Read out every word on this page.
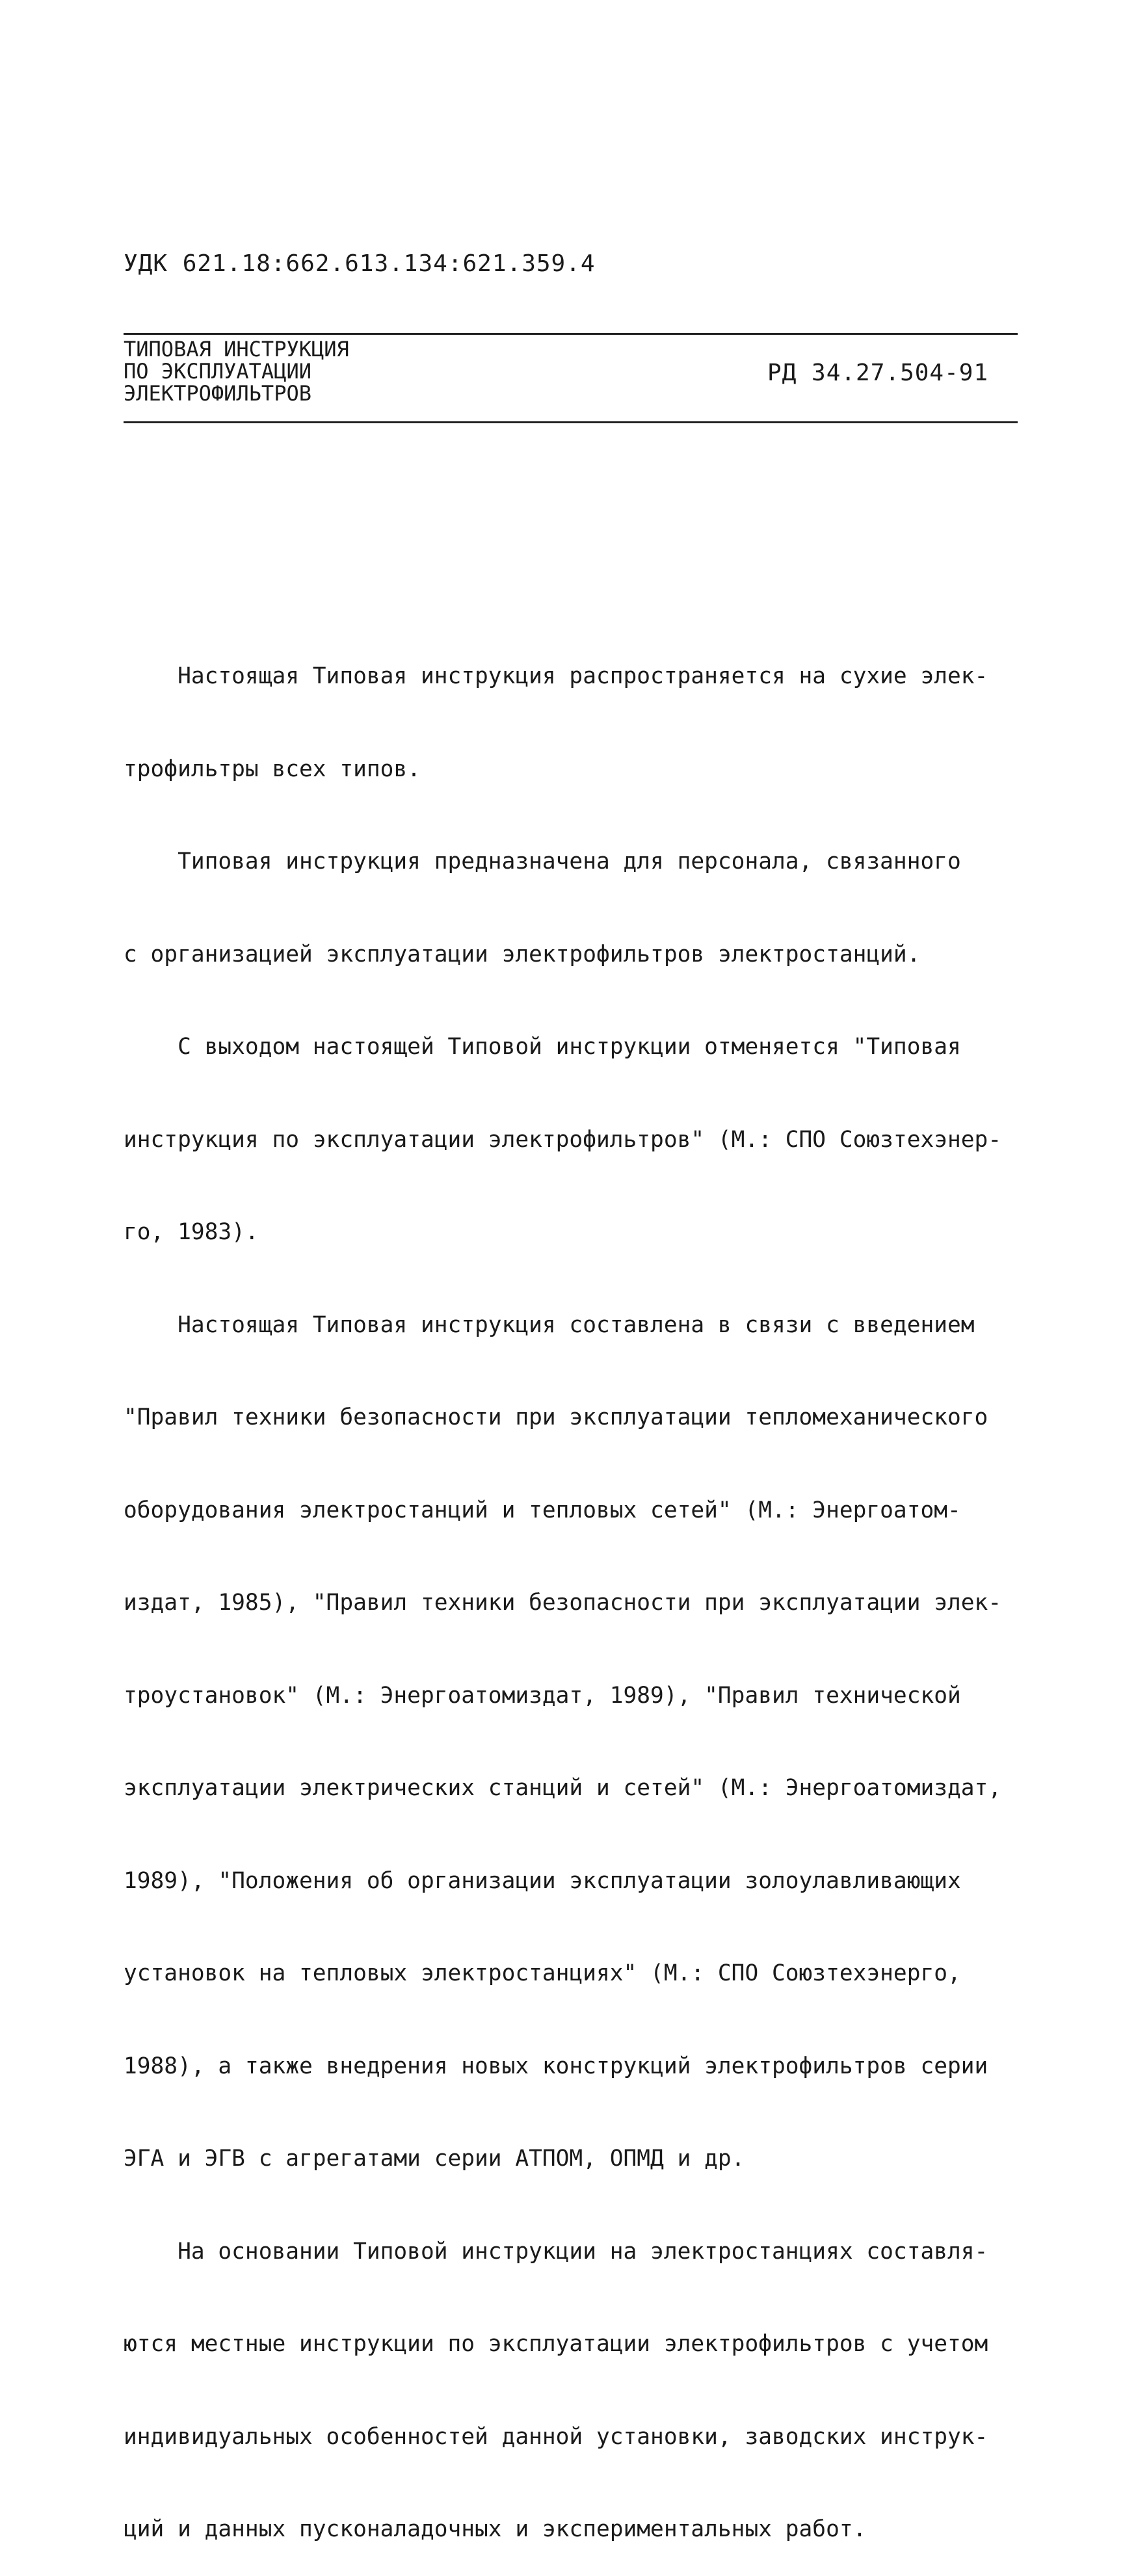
УДК 621.18:662.613.134:621.359.4
ТИПОВАЯ ИНСТРУКЦИЯ
ПО ЭКСПЛУАТАЦИИ
ЭЛЕКТРОФИЛЬТРОВ
РД 34.27.504-91

Настоящая Типовая инструкция распространяется на сухие элек-

трофильтры всех типов.

Типовая инструкция предназначена для персонала, связанного

с организацией эксплуатации электрофильтров электростанций.

С выходом настоящей Типовой инструкции отменяется "Типовая

инструкция по эксплуатации электрофильтров" (М.: СПО Союзтехэнер-

го, 1983).

Настоящая Типовая инструкция составлена в связи с введением

"Правил техники безопасности при эксплуатации тепломеханического

оборудования электростанций и тепловых сетей" (М.: Энергоатом-

издат, 1985), "Правил техники безопасности при эксплуатации элек-

троустановок" (М.: Энергоатомиздат, 1989), "Правил технической

эксплуатации электрических станций и сетей" (М.: Энергоатомиздат,

1989), "Положения об организации эксплуатации золоулавливающих

установок на тепловых электростанциях" (М.: СПО Союзтехэнерго,

1988), а также внедрения новых конструкций электрофильтров серии

ЭГА и ЭГВ с агрегатами серии АТПОМ, ОПМД и др.

На основании Типовой инструкции на электростанциях составля-

ются местные инструкции по эксплуатации электрофильтров с учетом

индивидуальных особенностей данной установки, заводских инструк-

ций и данных пусконаладочных и экспериментальных работ.
